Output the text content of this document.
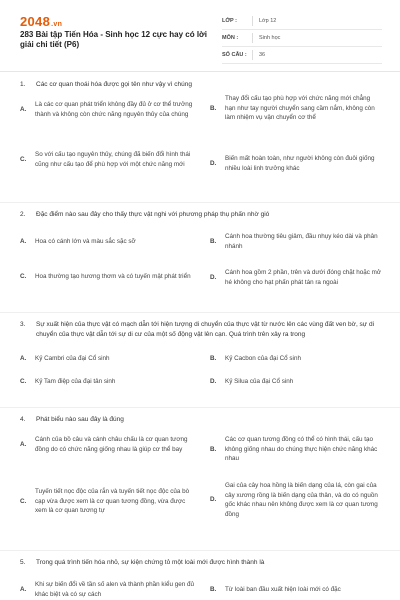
2048.vn
283 Bài tập Tiến Hóa - Sinh học 12 cực hay có lời giải chi tiết (P6)
LỚP :	Lớp 12
MÔN :	Sinh học
SỐ CÂU :	36
1.	Các cơ quan thoái hóa được gọi tên như vậy vì chúng
A.
Là các cơ quan phát triển không đầy đủ ở cơ thể trưởng thành và không còn chức năng nguyên thủy của chúng
B.
Thay đổi cấu tạo phù hợp với chức năng mới chẳng hạn như tay người chuyển sang cầm nắm, không còn làm nhiệm vụ vận chuyển cơ thể
C.
So với cấu tạo nguyên thủy, chúng đã biến đổi hình thái cũng như cấu tạo để phù hợp với một chức năng mới	D.
Biến mất hoàn toàn, như người không còn đuôi giống nhiều loài linh trưởng khác
2.	Đặc điểm nào sau đây cho thấy thực vật nghi với phương pháp thụ phấn nhờ gió
A.	Hoa có cánh lớn và màu sắc sặc sỡ	B.
Cánh hoa thường tiêu giảm, đầu nhụy kéo dài và phân nhánh
C.	Hoa thường tạo hương thơm và có tuyến mật phát triển	D.
Cánh hoa gồm 2 phần, trên và dưới đóng chặt hoặc mở hé không cho hạt phấn phát tán ra ngoài
3.	Sự xuất hiện của thực vật có mạch dẫn tới hiện tượng di chuyển của thực vật từ nước lên các vùng đất ven bờ, sự di chuyển của thực vật dẫn tới sự di cư của một số động vật lên cạn. Quá trình trên xảy ra trong
A.	Kỷ Cambri của đại Cổ sinh	B.	Kỷ Cacbon của đại Cổ sinh
C.	Kỷ Tam điệp của đại tân sinh	D.	Kỷ Silua của đại Cổ sinh
4.	Phát biểu nào sau đây là đúng
A.
Cánh của bồ câu và cánh châu chấu là cơ quan tương đồng do có chức năng giống nhau là giúp cơ thể bay	B.
Các cơ quan tương đồng có thể có hình thái, cấu tạo không giống nhau do chúng thực hiện chức năng khác nhau
C.
Tuyến tiết nọc độc của rắn và tuyến tiết nọc độc của bò cạp vừa được xem là cơ quan tương đồng, vừa được xem là cơ quan tương tự
D.
Gai của cây hoa hồng là biến dạng của lá, còn gai của cây xương rồng là biến dạng của thân, và do có nguồn gốc khác nhau nên không được xem là cơ quan tương đồng
5.	Trong quá trình tiến hóa nhỏ, sự kiện chứng tỏ một loài mới được hình thành là
A.
Khi sự biến đổi về tần số alen và thành phần kiểu gen đủ khác biệt và có sự cách
B.	Từ loài ban đầu xuất hiện loài mới có đặc
